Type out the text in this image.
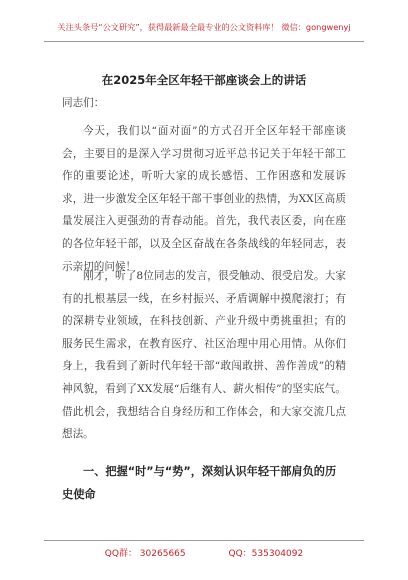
关注头条号“公文研究”，获得最新最全最专业的公文资料库！ 微信：gongwenyj
在2025年全区年轻干部座谈会上的讲话
同志们：
今天，我们以“面对面”的方式召开全区年轻干部座谈会，主要目的是深入学习贯彻习近平总书记关于年轻干部工作的重要论述，听听大家的成长感悟、工作困惑和发展诉求，进一步激发全区年轻干部干事创业的热情，为XX区高质量发展注入更强劲的青春动能。首先，我代表区委，向在座的各位年轻干部，以及全区奋战在各条战线的年轻同志，表示亲切的问候！
刚才，听了8位同志的发言，很受触动、很受启发。大家有的扎根基层一线，在乡村振兴、矛盾调解中摸爬滚打；有的深耕专业领域，在科技创新、产业升级中勇挑重担；有的服务民生需求，在教育医疗、社区治理中用心用情。从你们身上，我看到了新时代年轻干部“敢闯敢拼、善作善成”的精神风貌，看到了XX发展“后继有人、薪火相传”的坚实底气。借此机会，我想结合自身经历和工作体会，和大家交流几点想法。
一、把握“时”与“势”，深刻认识年轻干部肩负的历史使命
QQ群： 30265665	QQ：535304092
